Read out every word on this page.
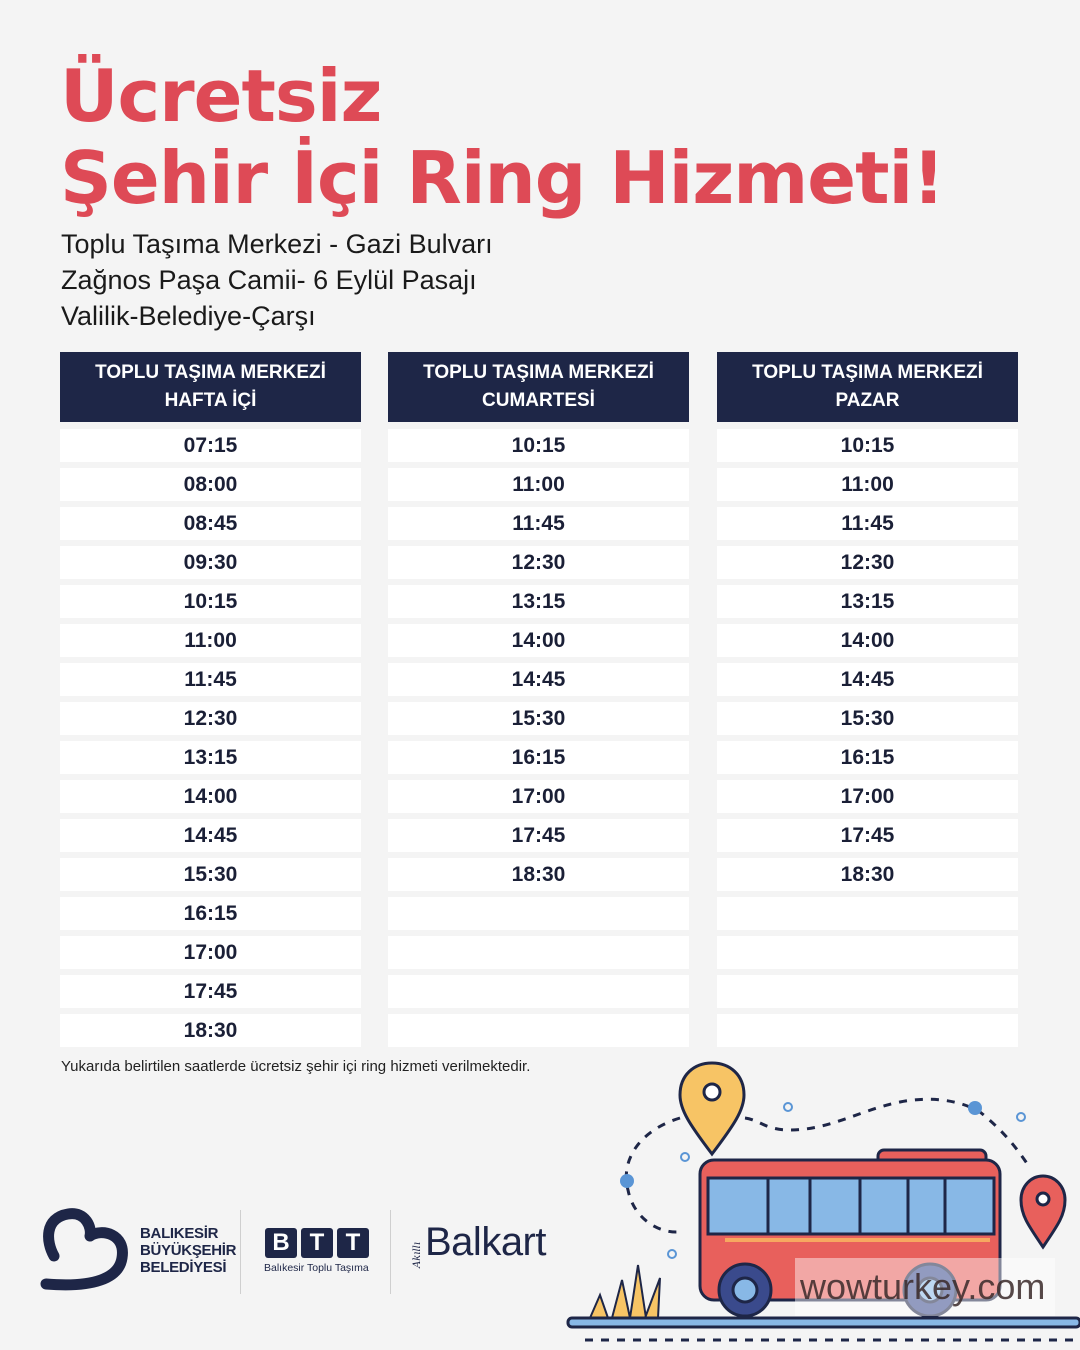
Ücretsiz
Şehir İçi Ring Hizmeti!
Toplu Taşıma Merkezi - Gazi Bulvarı
Zağnos Paşa Camii- 6 Eylül Pasajı
Valilik-Belediye-Çarşı
TOPLU TAŞIMA MERKEZİ
HAFTA İÇİ
07:15
08:00
08:45
09:30
10:15
11:00
11:45
12:30
13:15
14:00
14:45
15:30
16:15
17:00
17:45
18:30
TOPLU TAŞIMA MERKEZİ
CUMARTESİ
10:15
11:00
11:45
12:30
13:15
14:00
14:45
15:30
16:15
17:00
17:45
18:30
TOPLU TAŞIMA MERKEZİ
PAZAR
10:15
11:00
11:45
12:30
13:15
14:00
14:45
15:30
16:15
17:00
17:45
18:30
Yukarıda belirtilen saatlerde ücretsiz şehir içi ring hizmeti verilmektedir.
BALIKESİR
BÜYÜKŞEHİR
BELEDİYESİ
B T T
Balıkesir Toplu Taşıma	Akıllı Balkart
wowturkey.com
